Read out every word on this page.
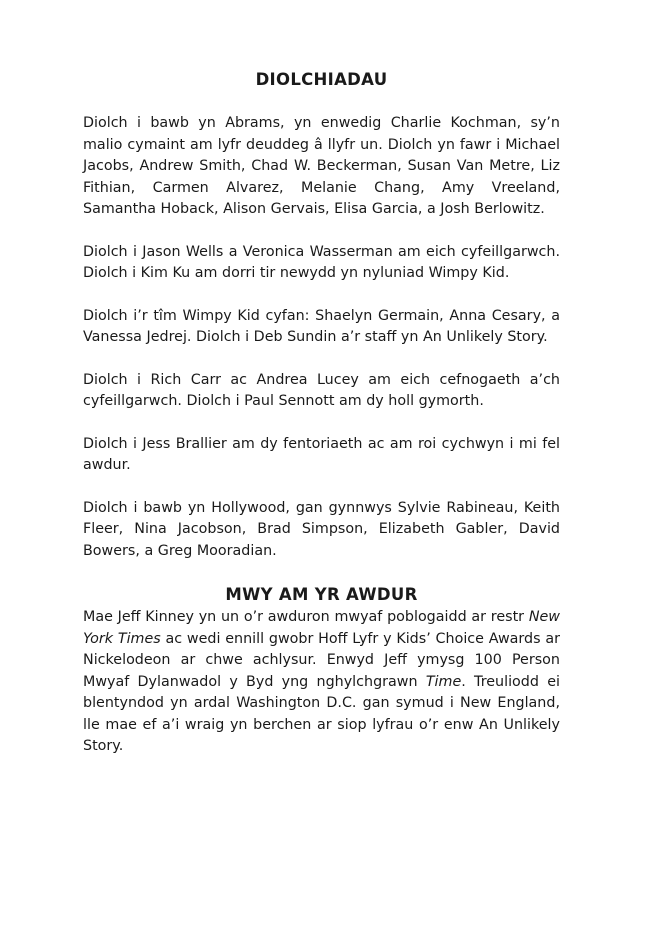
DIOLCHIADAU

Diolch i bawb yn Abrams, yn enwedig Charlie Kochman, sy’n malio cymaint am lyfr deuddeg â llyfr un. Diolch yn fawr i Michael Jacobs, Andrew Smith, Chad W. Beckerman, Susan Van Metre, Liz Fithian, Carmen Alvarez, Melanie Chang, Amy Vreeland, Samantha Hoback, Alison Gervais, Elisa Garcia, a Josh Berlowitz.

Diolch i Jason Wells a Veronica Wasserman am eich cyfeillgarwch. Diolch i Kim Ku am dorri tir newydd yn nyluniad Wimpy Kid.

Diolch i’r tîm Wimpy Kid cyfan: Shaelyn Germain, Anna Cesary, a Vanessa Jedrej. Diolch i Deb Sundin a’r staff yn An Unlikely Story.

Diolch i Rich Carr ac Andrea Lucey am eich cefnogaeth a’ch cyfeillgarwch. Diolch i Paul Sennott am dy holl gymorth.

Diolch i Jess Brallier am dy fentoriaeth ac am roi cychwyn i mi fel awdur.

Diolch i bawb yn Hollywood, gan gynnwys Sylvie Rabineau, Keith Fleer, Nina Jacobson, Brad Simpson, Elizabeth Gabler, David Bowers, a Greg Mooradian.

MWY AM YR AWDUR

Mae Jeff Kinney yn un o’r awduron mwyaf poblogaidd ar restr New York Times ac wedi ennill gwobr Hoff Lyfr y Kids’ Choice Awards ar Nickelodeon ar chwe achlysur. Enwyd Jeff ymysg 100 Person Mwyaf Dylanwadol y Byd yng nghylchgrawn Time. Treuliodd ei blentyndod yn ardal Washington D.C. gan symud i New England, lle mae ef a’i wraig yn berchen ar siop lyfrau o’r enw An Unlikely Story.
